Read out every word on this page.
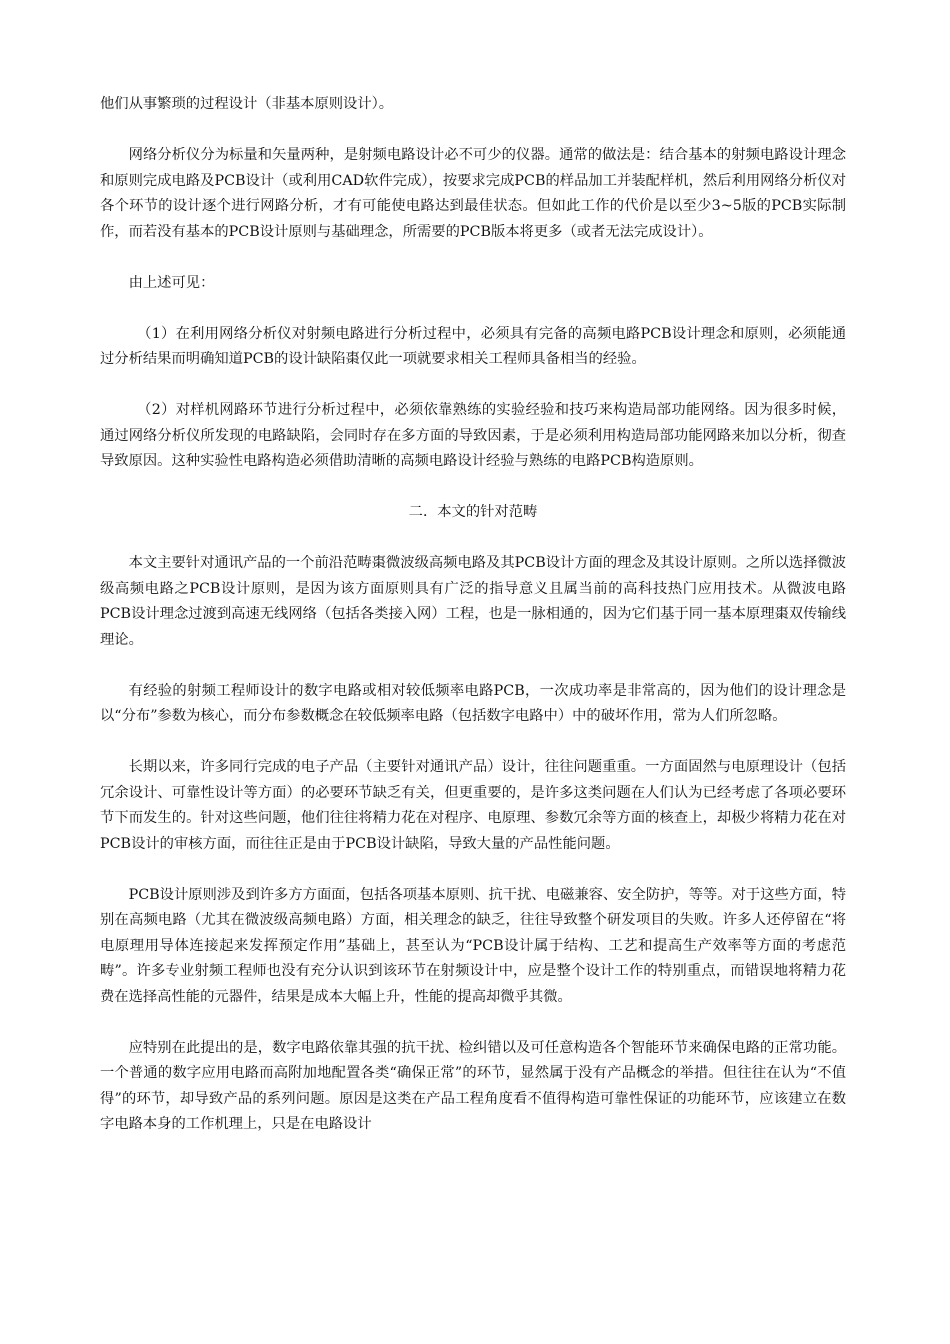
他们从事繁琐的过程设计（非基本原则设计）。

网络分析仪分为标量和矢量两种，是射频电路设计必不可少的仪器。通常的做法是：结合基本的射频电路设计理念和原则完成电路及PCB设计（或利用CAD软件完成），按要求完成PCB的样品加工并装配样机，然后利用网络分析仪对各个环节的设计逐个进行网路分析，才有可能使电路达到最佳状态。但如此工作的代价是以至少3~5版的PCB实际制作，而若没有基本的PCB设计原则与基础理念，所需要的PCB版本将更多（或者无法完成设计）。

由上述可见：

（1）在利用网络分析仪对射频电路进行分析过程中，必须具有完备的高频电路PCB设计理念和原则，必须能通过分析结果而明确知道PCB的设计缺陷棗仅此一项就要求相关工程师具备相当的经验。

（2）对样机网路环节进行分析过程中，必须依靠熟练的实验经验和技巧来构造局部功能网络。因为很多时候，通过网络分析仪所发现的电路缺陷，会同时存在多方面的导致因素，于是必须利用构造局部功能网路来加以分析，彻查导致原因。这种实验性电路构造必须借助清晰的高频电路设计经验与熟练的电路PCB构造原则。

二．本文的针对范畴

本文主要针对通讯产品的一个前沿范畴棗微波级高频电路及其PCB设计方面的理念及其设计原则。之所以选择微波级高频电路之PCB设计原则，是因为该方面原则具有广泛的指导意义且属当前的高科技热门应用技术。从微波电路PCB设计理念过渡到高速无线网络（包括各类接入网）工程，也是一脉相通的，因为它们基于同一基本原理棗双传输线理论。

有经验的射频工程师设计的数字电路或相对较低频率电路PCB，一次成功率是非常高的，因为他们的设计理念是以“分布”参数为核心，而分布参数概念在较低频率电路（包括数字电路中）中的破坏作用，常为人们所忽略。

长期以来，许多同行完成的电子产品（主要针对通讯产品）设计，往往问题重重。一方面固然与电原理设计（包括冗余设计、可靠性设计等方面）的必要环节缺乏有关，但更重要的，是许多这类问题在人们认为已经考虑了各项必要环节下而发生的。针对这些问题，他们往往将精力花在对程序、电原理、参数冗余等方面的核查上，却极少将精力花在对PCB设计的审核方面，而往往正是由于PCB设计缺陷，导致大量的产品性能问题。

PCB设计原则涉及到许多方方面面，包括各项基本原则、抗干扰、电磁兼容、安全防护，等等。对于这些方面，特别在高频电路（尤其在微波级高频电路）方面，相关理念的缺乏，往往导致整个研发项目的失败。许多人还停留在“将电原理用导体连接起来发挥预定作用”基础上，甚至认为“PCB设计属于结构、工艺和提高生产效率等方面的考虑范畴”。许多专业射频工程师也没有充分认识到该环节在射频设计中，应是整个设计工作的特别重点，而错误地将精力花费在选择高性能的元器件，结果是成本大幅上升，性能的提高却微乎其微。

应特别在此提出的是，数字电路依靠其强的抗干扰、检纠错以及可任意构造各个智能环节来确保电路的正常功能。一个普通的数字应用电路而高附加地配置各类“确保正常”的环节，显然属于没有产品概念的举措。但往往在认为“不值得”的环节，却导致产品的系列问题。原因是这类在产品工程角度看不值得构造可靠性保证的功能环节，应该建立在数字电路本身的工作机理上，只是在电路设计
